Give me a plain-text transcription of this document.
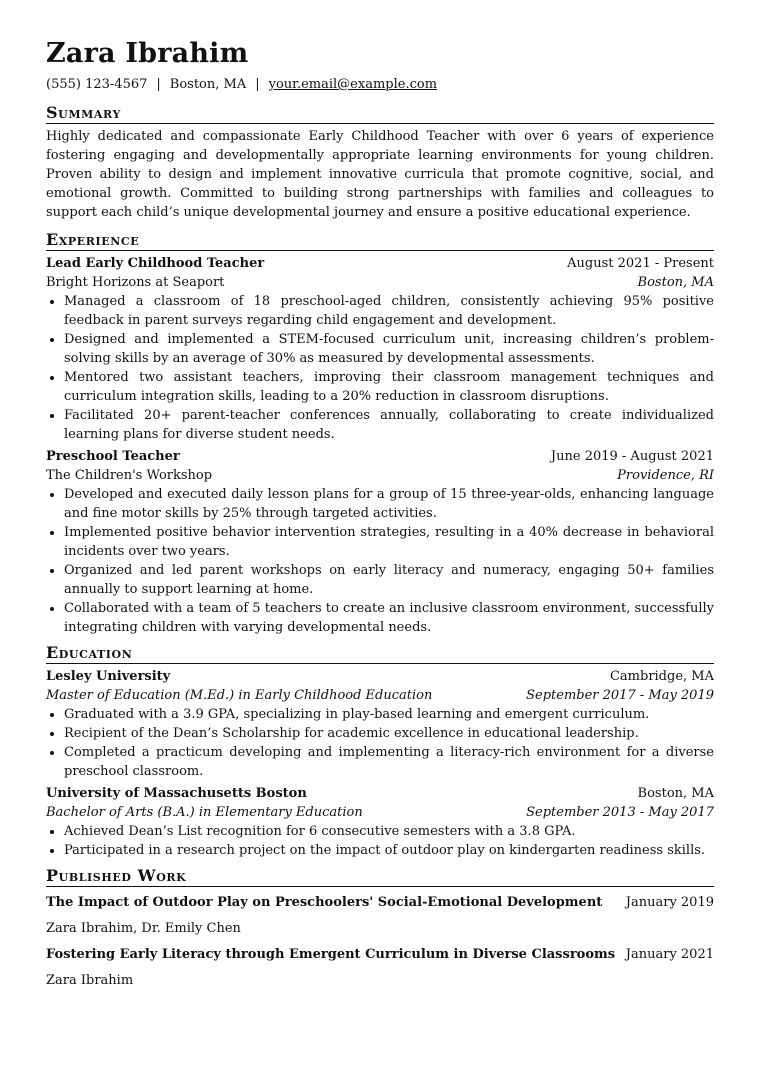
Zara Ibrahim
(555) 123-4567 | Boston, MA | your.email@example.com
Summary
Highly dedicated and compassionate Early Childhood Teacher with over 6 years of experience fostering engaging and developmentally appropriate learning environments for young children. Proven ability to design and implement innovative curricula that promote cognitive, social, and emotional growth. Committed to building strong partnerships with families and colleagues to support each child’s unique developmental journey and ensure a positive educational experience.
Experience
Lead Early Childhood Teacher	August 2021 - Present
Bright Horizons at Seaport	Boston, MA
• Managed a classroom of 18 preschool-aged children, consistently achieving 95% positive feedback in parent surveys regarding child engagement and development.
• Designed and implemented a STEM-focused curriculum unit, increasing children’s problem-solving skills by an average of 30% as measured by developmental assessments.
• Mentored two assistant teachers, improving their classroom management techniques and curriculum integration skills, leading to a 20% reduction in classroom disruptions.
• Facilitated 20+ parent-teacher conferences annually, collaborating to create individualized learning plans for diverse student needs.
Preschool Teacher	June 2019 - August 2021
The Children's Workshop	Providence, RI
• Developed and executed daily lesson plans for a group of 15 three-year-olds, enhancing language and fine motor skills by 25% through targeted activities.
• Implemented positive behavior intervention strategies, resulting in a 40% decrease in behavioral incidents over two years.
• Organized and led parent workshops on early literacy and numeracy, engaging 50+ families annually to support learning at home.
• Collaborated with a team of 5 teachers to create an inclusive classroom environment, successfully integrating children with varying developmental needs.
Education
Lesley University	Cambridge, MA
Master of Education (M.Ed.) in Early Childhood Education	September 2017 - May 2019
• Graduated with a 3.9 GPA, specializing in play-based learning and emergent curriculum.
• Recipient of the Dean’s Scholarship for academic excellence in educational leadership.
• Completed a practicum developing and implementing a literacy-rich environment for a diverse preschool classroom.
University of Massachusetts Boston	Boston, MA
Bachelor of Arts (B.A.) in Elementary Education	September 2013 - May 2017
• Achieved Dean’s List recognition for 6 consecutive semesters with a 3.8 GPA.
• Participated in a research project on the impact of outdoor play on kindergarten readiness skills.
Published Work
The Impact of Outdoor Play on Preschoolers' Social-Emotional Development January 2019
Zara Ibrahim, Dr. Emily Chen
Fostering Early Literacy through Emergent Curriculum in Diverse Classrooms January 2021
Zara Ibrahim
